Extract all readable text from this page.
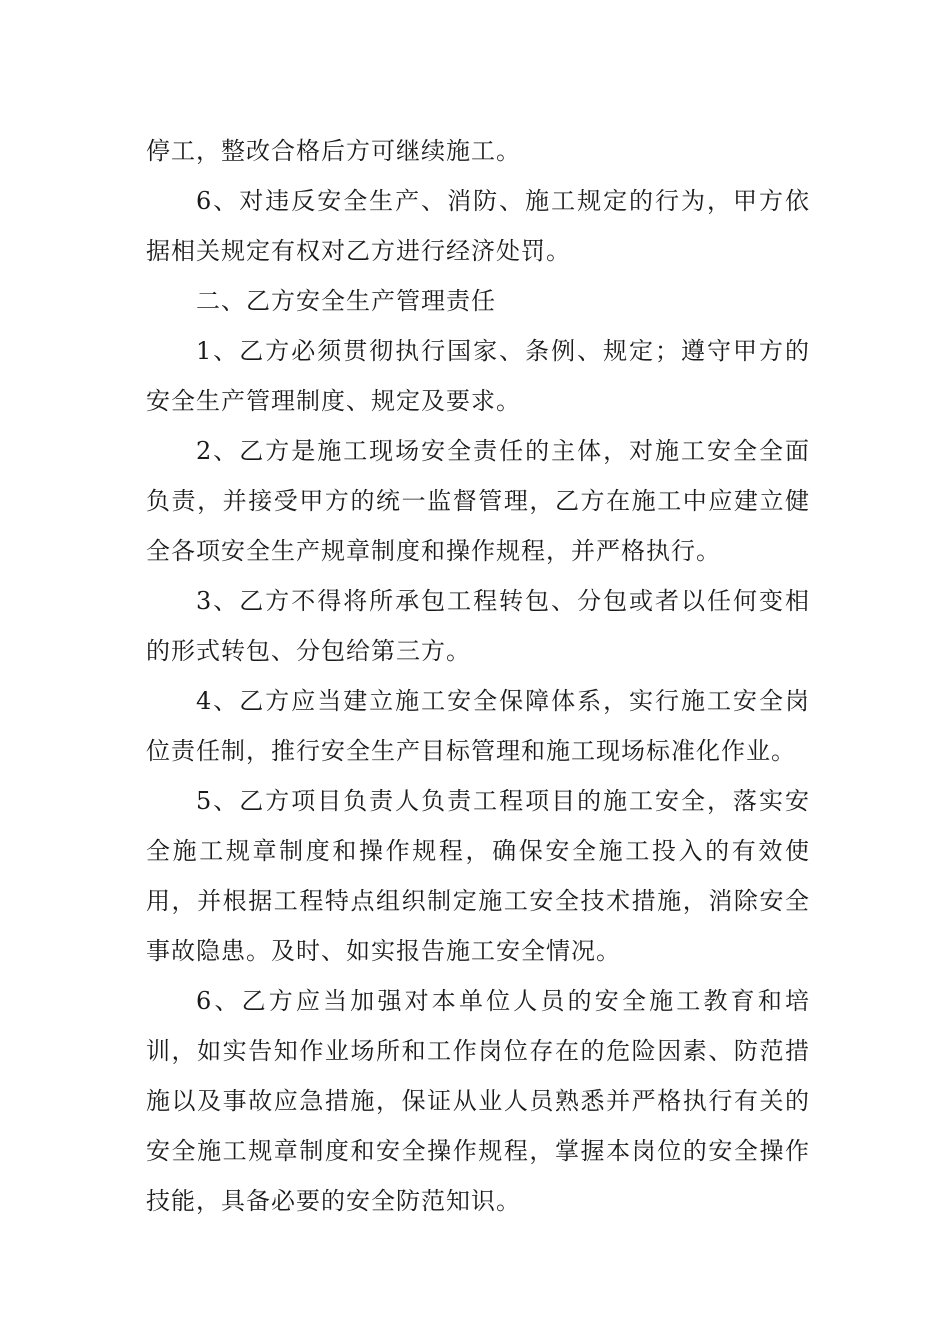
停工，整改合格后方可继续施工。

6、对违反安全生产、消防、施工规定的行为，甲方依据相关规定有权对乙方进行经济处罚。

二、乙方安全生产管理责任

1、乙方必须贯彻执行国家、条例、规定；遵守甲方的安全生产管理制度、规定及要求。

2、乙方是施工现场安全责任的主体，对施工安全全面负责，并接受甲方的统一监督管理，乙方在施工中应建立健全各项安全生产规章制度和操作规程，并严格执行。

3、乙方不得将所承包工程转包、分包或者以任何变相的形式转包、分包给第三方。

4、乙方应当建立施工安全保障体系，实行施工安全岗位责任制，推行安全生产目标管理和施工现场标准化作业。

5、乙方项目负责人负责工程项目的施工安全，落实安全施工规章制度和操作规程，确保安全施工投入的有效使用，并根据工程特点组织制定施工安全技术措施，消除安全事故隐患。及时、如实报告施工安全情况。

6、乙方应当加强对本单位人员的安全施工教育和培训，如实告知作业场所和工作岗位存在的危险因素、防范措施以及事故应急措施，保证从业人员熟悉并严格执行有关的安全施工规章制度和安全操作规程，掌握本岗位的安全操作技能，具备必要的安全防范知识。
